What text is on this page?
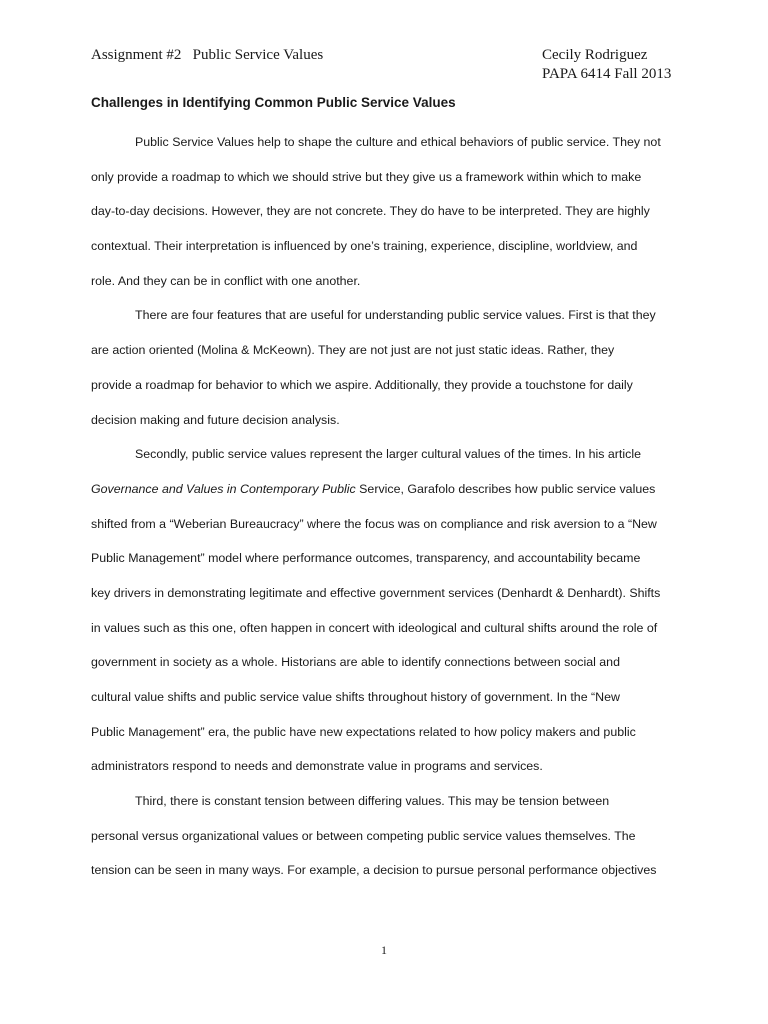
Assignment #2   Public Service Values	Cecily Rodriguez
PAPA 6414 Fall 2013
Challenges in Identifying Common Public Service Values
Public Service Values help to shape the culture and ethical behaviors of public service. They not
only provide a roadmap to which we should strive but they give us a framework within which to make
day-to-day decisions. However, they are not concrete. They do have to be interpreted. They are highly
contextual. Their interpretation is influenced by one’s training, experience, discipline, worldview, and
role. And they can be in conflict with one another.
There are four features that are useful for understanding public service values. First is that they
are action oriented (Molina & McKeown). They are not just are not just static ideas. Rather, they
provide a roadmap for behavior to which we aspire. Additionally, they provide a touchstone for daily
decision making and future decision analysis.
Secondly, public service values represent the larger cultural values of the times. In his article
Governance and Values in Contemporary Public Service, Garafolo describes how public service values
shifted from a “Weberian Bureaucracy” where the focus was on compliance and risk aversion to a “New
Public Management” model where performance outcomes, transparency, and accountability became
key drivers in demonstrating legitimate and effective government services (Denhardt & Denhardt). Shifts
in values such as this one, often happen in concert with ideological and cultural shifts around the role of
government in society as a whole. Historians are able to identify connections between social and
cultural value shifts and public service value shifts throughout history of government. In the “New
Public Management” era, the public have new expectations related to how policy makers and public
administrators respond to needs and demonstrate value in programs and services.
Third, there is constant tension between differing values. This may be tension between
personal versus organizational values or between competing public service values themselves. The
tension can be seen in many ways. For example, a decision to pursue personal performance objectives
1
